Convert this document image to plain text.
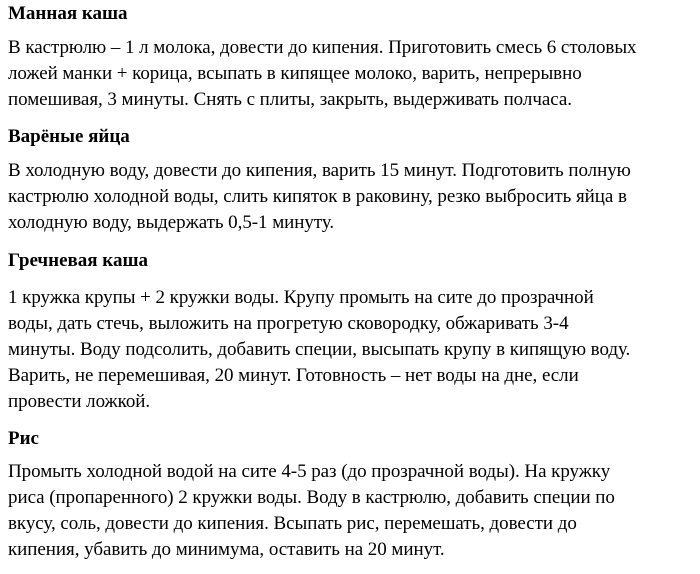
Манная каша

В кастрюлю – 1 л молока, довести до кипения. Приготовить смесь 6 столовых
ложей манки + корица, всыпать в кипящее молоко, варить, непрерывно
помешивая, 3 минуты. Снять с плиты, закрыть, выдерживать полчаса.

Варёные яйца

В холодную воду, довести до кипения, варить 15 минут. Подготовить полную
кастрюлю холодной воды, слить кипяток в раковину, резко выбросить яйца в
холодную воду, выдержать 0,5-1 минуту.

Гречневая каша

1 кружка крупы + 2 кружки воды. Крупу промыть на сите до прозрачной
воды, дать стечь, выложить на прогретую сковородку, обжаривать 3-4
минуты. Воду подсолить, добавить специи, высыпать крупу в кипящую воду.
Варить, не перемешивая, 20 минут. Готовность – нет воды на дне, если
провести ложкой.

Рис

Промыть холодной водой на сите 4-5 раз (до прозрачной воды). На кружку
риса (пропаренного) 2 кружки воды. Воду в кастрюлю, добавить специи по
вкусу, соль, довести до кипения. Всыпать рис, перемешать, довести до
кипения, убавить до минимума, оставить на 20 минут.
